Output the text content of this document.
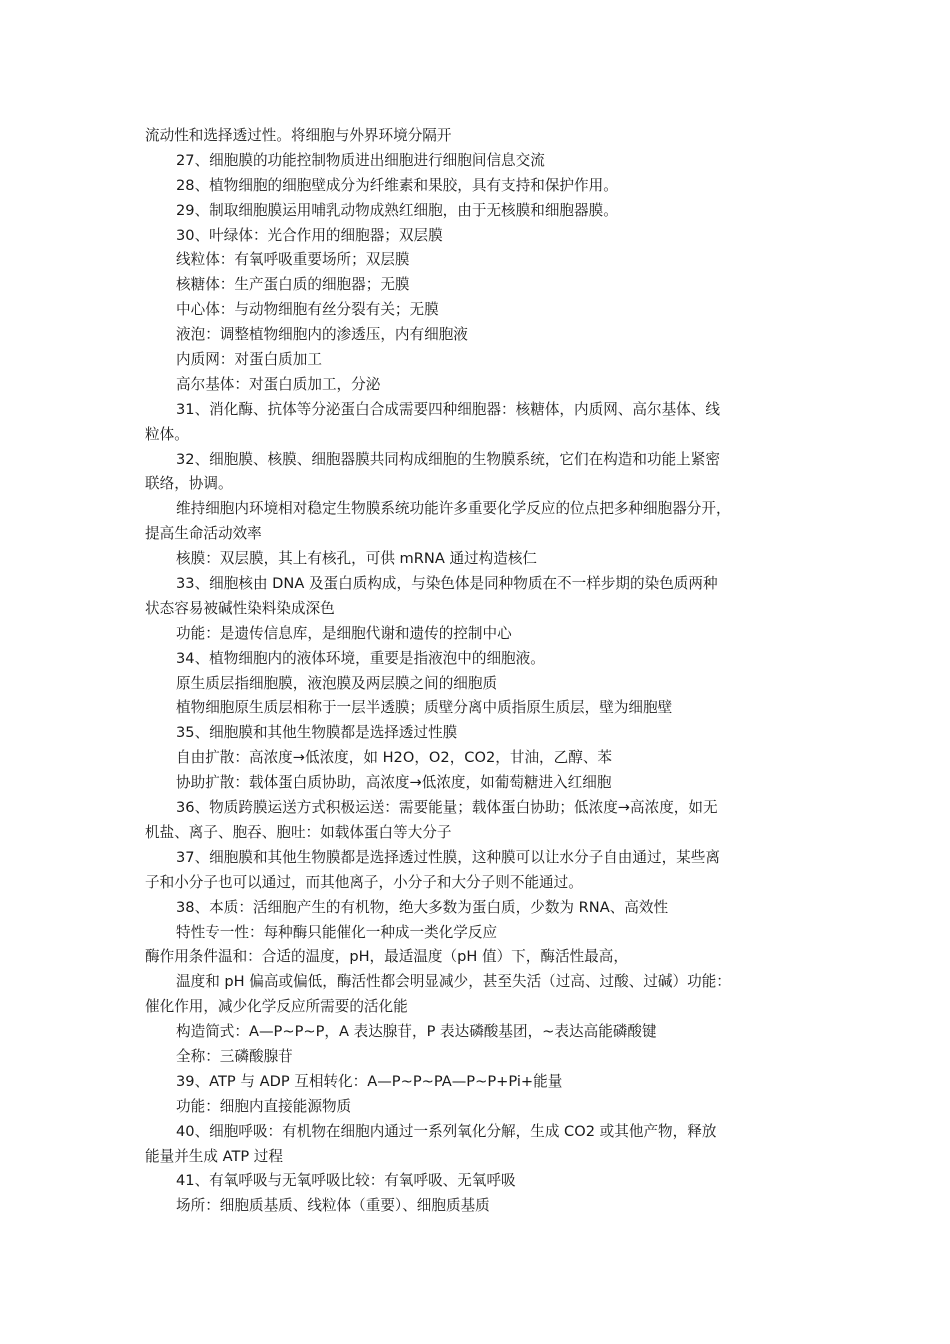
流动性和选择透过性。将细胞与外界环境分隔开

27、细胞膜的功能控制物质进出细胞进行细胞间信息交流

28、植物细胞的细胞壁成分为纤维素和果胶，具有支持和保护作用。

29、制取细胞膜运用哺乳动物成熟红细胞，由于无核膜和细胞器膜。

30、叶绿体：光合作用的细胞器；双层膜

线粒体：有氧呼吸重要场所；双层膜

核糖体：生产蛋白质的细胞器；无膜

中心体：与动物细胞有丝分裂有关；无膜

液泡：调整植物细胞内的渗透压，内有细胞液

内质网：对蛋白质加工

高尔基体：对蛋白质加工，分泌

31、消化酶、抗体等分泌蛋白合成需要四种细胞器：核糖体，内质网、高尔基体、线

粒体。

32、细胞膜、核膜、细胞器膜共同构成细胞的生物膜系统，它们在构造和功能上紧密

联络，协调。

维持细胞内环境相对稳定生物膜系统功能许多重要化学反应的位点把多种细胞器分开，

提高生命活动效率

核膜：双层膜，其上有核孔，可供 mRNA 通过构造核仁

33、细胞核由 DNA 及蛋白质构成，与染色体是同种物质在不一样步期的染色质两种

状态容易被碱性染料染成深色

功能：是遗传信息库，是细胞代谢和遗传的控制中心

34、植物细胞内的液体环境，重要是指液泡中的细胞液。

原生质层指细胞膜，液泡膜及两层膜之间的细胞质

植物细胞原生质层相称于一层半透膜；质壁分离中质指原生质层，壁为细胞壁

35、细胞膜和其他生物膜都是选择透过性膜

自由扩散：高浓度→低浓度，如 H2O，O2，CO2，甘油，乙醇、苯

协助扩散：载体蛋白质协助，高浓度→低浓度，如葡萄糖进入红细胞

36、物质跨膜运送方式积极运送：需要能量；载体蛋白协助；低浓度→高浓度，如无

机盐、离子、胞吞、胞吐：如载体蛋白等大分子

37、细胞膜和其他生物膜都是选择透过性膜，这种膜可以让水分子自由通过，某些离

子和小分子也可以通过，而其他离子，小分子和大分子则不能通过。

38、本质：活细胞产生的有机物，绝大多数为蛋白质，少数为 RNA、高效性

特性专一性：每种酶只能催化一种成一类化学反应

酶作用条件温和：合适的温度，pH，最适温度（pH 值）下，酶活性最高，

温度和 pH 偏高或偏低，酶活性都会明显减少，甚至失活（过高、过酸、过碱）功能：

催化作用，减少化学反应所需要的活化能

构造简式：A—P~P~P，A 表达腺苷，P 表达磷酸基团，~表达高能磷酸键

全称：三磷酸腺苷

39、ATP 与 ADP 互相转化：A—P~P~PA—P~P+Pi+能量

功能：细胞内直接能源物质

40、细胞呼吸：有机物在细胞内通过一系列氧化分解，生成 CO2 或其他产物，释放

能量并生成 ATP 过程

41、有氧呼吸与无氧呼吸比较：有氧呼吸、无氧呼吸

场所：细胞质基质、线粒体（重要）、细胞质基质
